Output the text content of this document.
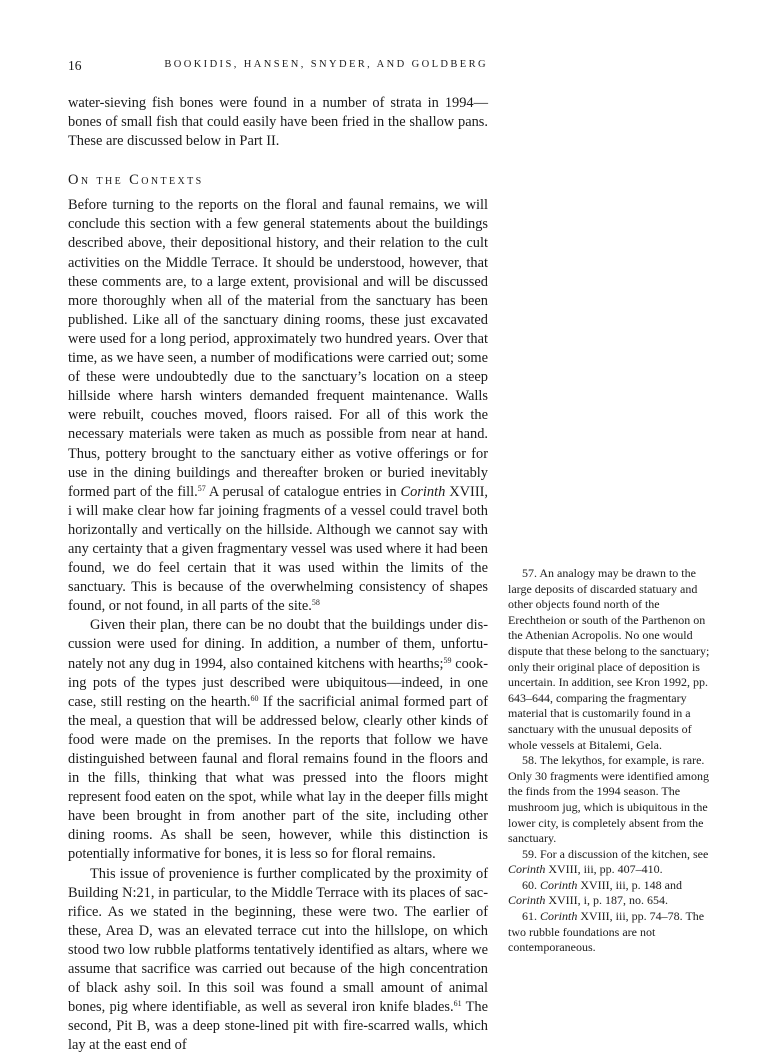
16	BOOKIDIS, HANSEN, SNYDER, AND GOLDBERG

water-sieving fish bones were found in a number of strata in 1994—bones of small fish that could easily have been fried in the shallow pans. These are discussed below in Part II.

On the Contexts

Before turning to the reports on the floral and faunal remains, we will conclude this section with a few general statements about the buildings described above, their depositional history, and their relation to the cult activities on the Middle Terrace. It should be understood, however, that these comments are, to a large extent, provisional and will be discussed more thoroughly when all of the material from the sanctuary has been published. Like all of the sanctuary dining rooms, these just excavated were used for a long period, approximately two hundred years. Over that time, as we have seen, a number of modifications were carried out; some of these were undoubtedly due to the sanctuary’s location on a steep hillside where harsh winters demanded frequent maintenance. Walls were rebuilt, couches moved, floors raised. For all of this work the necessary materials were taken as much as possible from near at hand. Thus, pottery brought to the sanctuary either as votive offerings or for use in the dining buildings and thereafter broken or buried inevitably formed part of the fill.$^{57}$ A perusal of catalogue entries in Corinth XVIII, i will make clear how far joining fragments of a vessel could travel both horizontally and vertically on the hillside. Although we cannot say with any certainty that a given fragmentary vessel was used where it had been found, we do feel certain that it was used within the limits of the sanctuary. This is because of the overwhelming consistency of shapes found, or not found, in all parts of the site.$^{58}$

Given their plan, there can be no doubt that the buildings under discussion were used for dining. In addition, a number of them, unfortunately not any dug in 1994, also contained kitchens with hearths;$^{59}$ cooking pots of the types just described were ubiquitous—indeed, in one case, still resting on the hearth.$^{60}$ If the sacrificial animal formed part of the meal, a question that will be addressed below, clearly other kinds of food were made on the premises. In the reports that follow we have distinguished between faunal and floral remains found in the floors and in the fills, thinking that what was pressed into the floors might represent food eaten on the spot, while what lay in the deeper fills might have been brought in from another part of the site, including other dining rooms. As shall be seen, however, while this distinction is potentially informative for bones, it is less so for floral remains.

This issue of provenience is further complicated by the proximity of Building N:21, in particular, to the Middle Terrace with its places of sacrifice. As we stated in the beginning, these were two. The earlier of these, Area D, was an elevated terrace cut into the hillslope, on which stood two low rubble platforms tentatively identified as altars, where we assume that sacrifice was carried out because of the high concentration of black ashy soil. In this soil was found a small amount of animal bones, pig where identifiable, as well as several iron knife blades.$^{61}$ The second, Pit B, was a deep stone-lined pit with fire-scarred walls, which lay at the east end of

57. An analogy may be drawn to the large deposits of discarded statuary and other objects found north of the Erechtheion or south of the Parthenon on the Athenian Acropolis. No one would dispute that these belong to the sanctuary; only their original place of deposition is uncertain. In addition, see Kron 1992, pp. 643–644, comparing the fragmentary material that is customarily found in a sanctuary with the unusual deposits of whole vessels at Bitalemi, Gela.

58. The lekythos, for example, is rare. Only 30 fragments were identified among the finds from the 1994 season. The mushroom jug, which is ubiquitous in the lower city, is completely absent from the sanctuary.

59. For a discussion of the kitchen, see Corinth XVIII, iii, pp. 407–410.

60. Corinth XVIII, iii, p. 148 and Corinth XVIII, i, p. 187, no. 654.

61. Corinth XVIII, iii, pp. 74–78. The two rubble foundations are not contemporaneous.
